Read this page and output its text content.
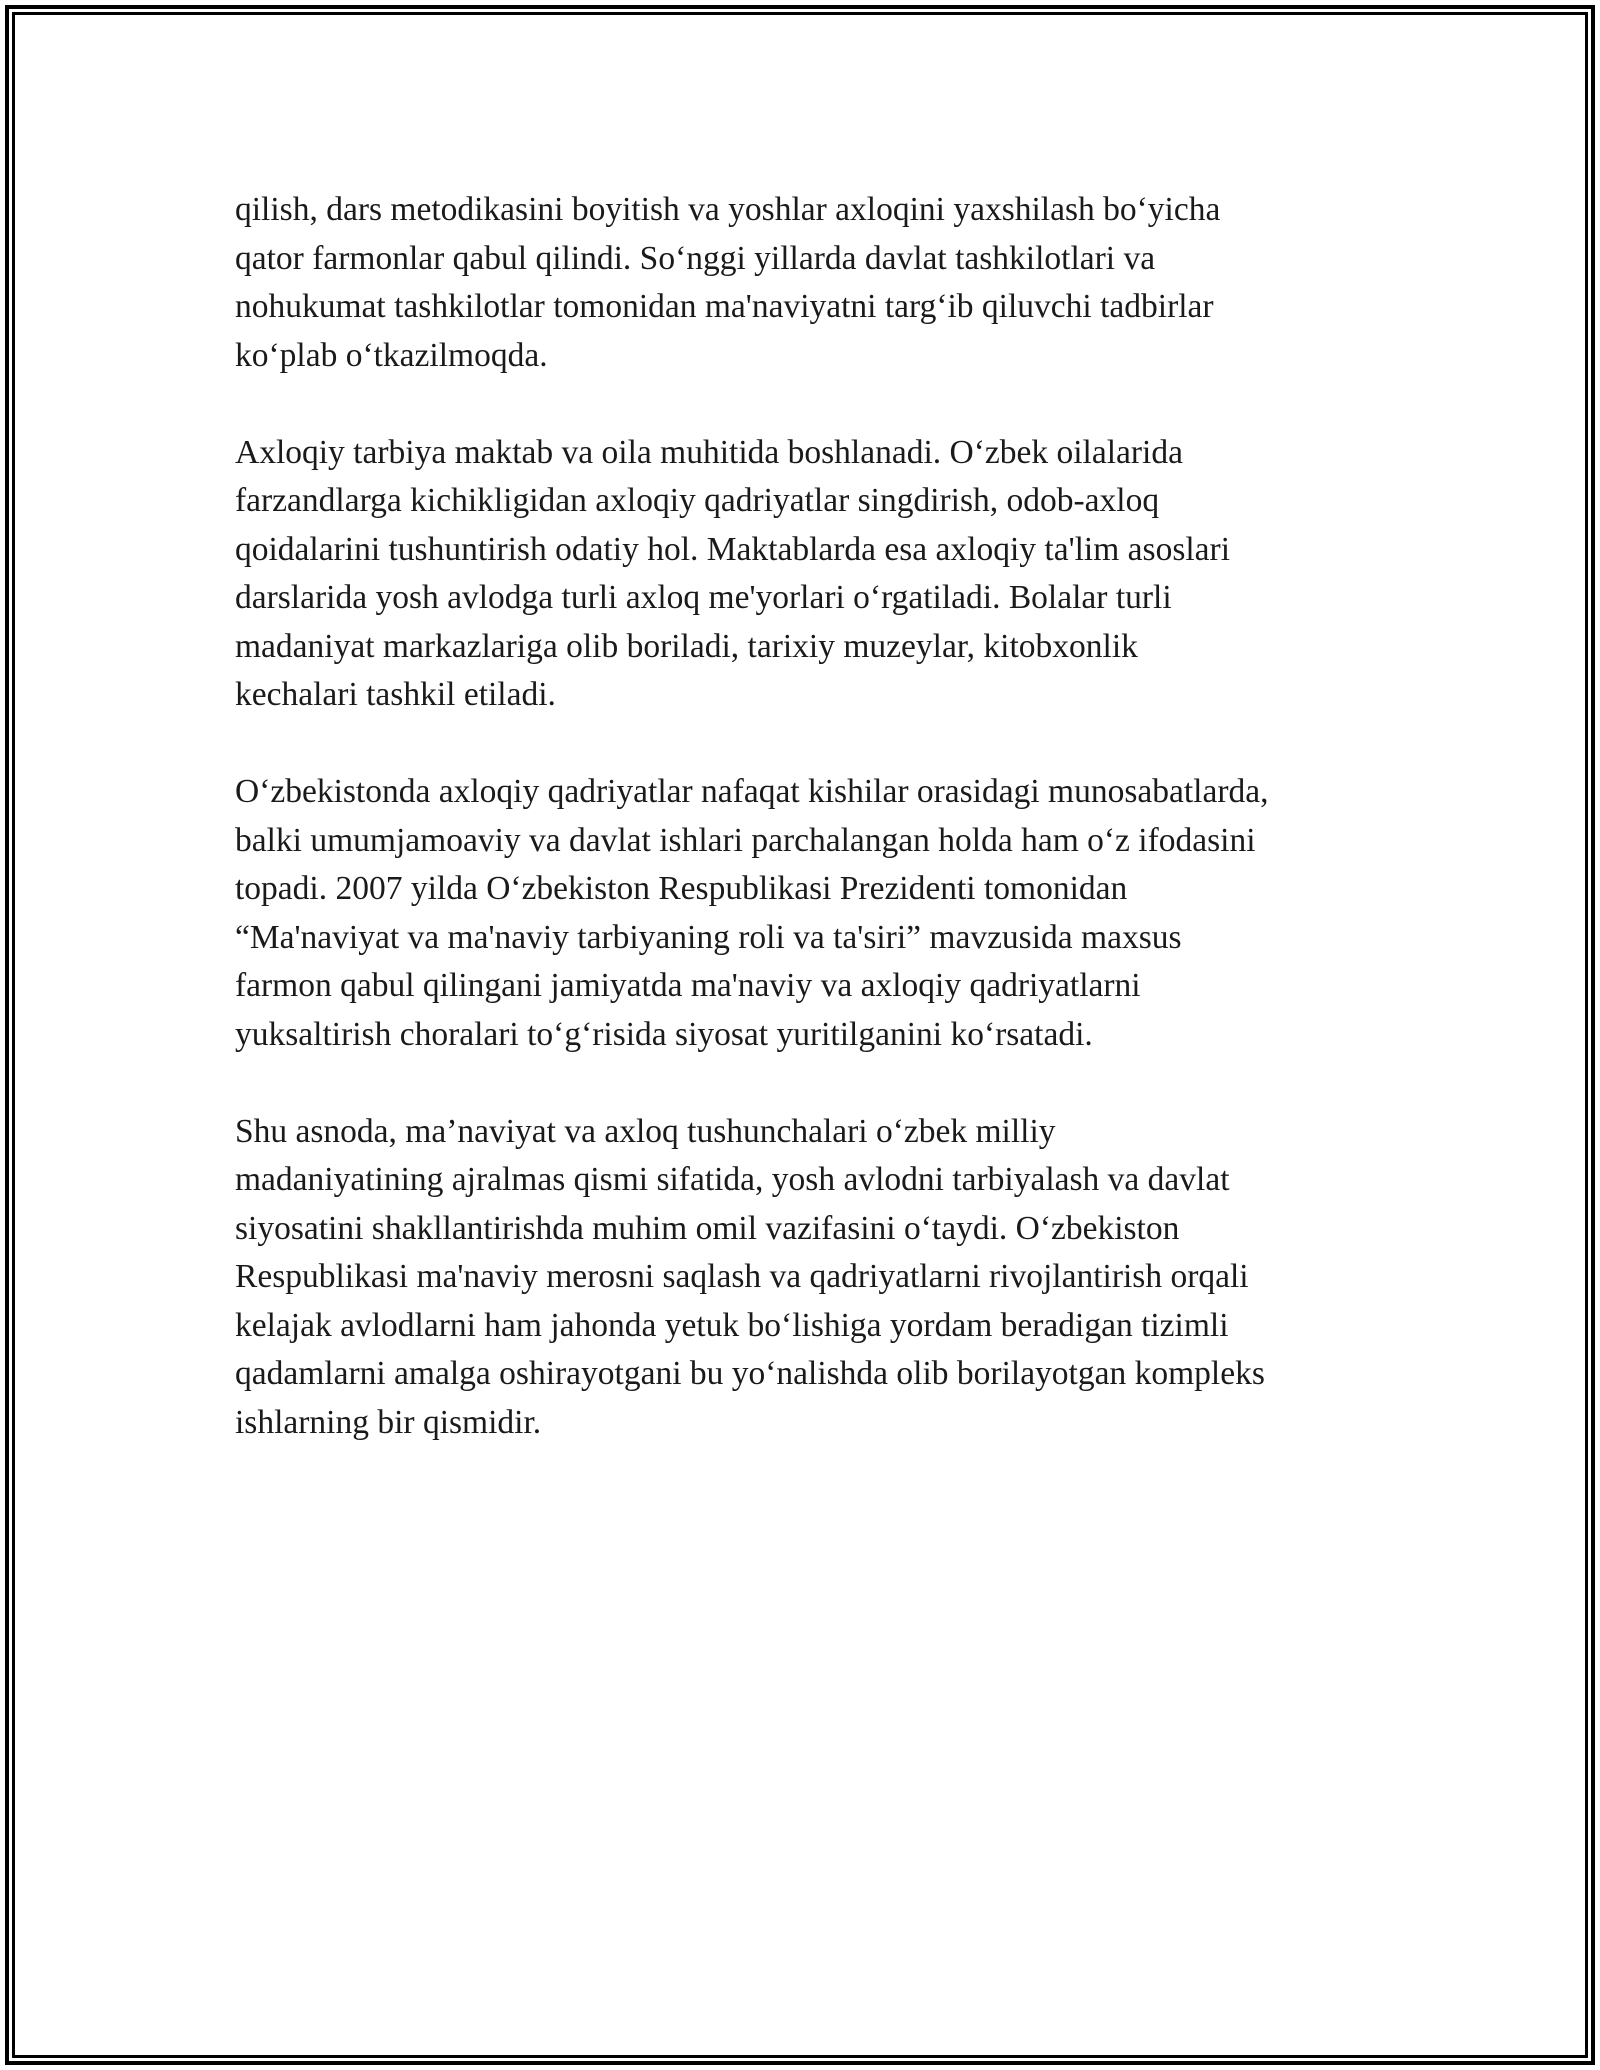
qilish, dars metodikasini boyitish va yoshlar axloqini yaxshilash boʻyicha
qator farmonlar qabul qilindi. Soʻnggi yillarda davlat tashkilotlari va
nohukumat tashkilotlar tomonidan ma'naviyatni targʻib qiluvchi tadbirlar
koʻplab oʻtkazilmoqda.

Axloqiy tarbiya maktab va oila muhitida boshlanadi. Oʻzbek oilalarida
farzandlarga kichikligidan axloqiy qadriyatlar singdirish, odob-axloq
qoidalarini tushuntirish odatiy hol. Maktablarda esa axloqiy ta'lim asoslari
darslarida yosh avlodga turli axloq me'yorlari oʻrgatiladi. Bolalar turli
madaniyat markazlariga olib boriladi, tarixiy muzeylar, kitobxonlik
kechalari tashkil etiladi.

Oʻzbekistonda axloqiy qadriyatlar nafaqat kishilar orasidagi munosabatlarda,
balki umumjamoaviy va davlat ishlari parchalangan holda ham oʻz ifodasini
topadi. 2007 yilda Oʻzbekiston Respublikasi Prezidenti tomonidan
“Ma'naviyat va ma'naviy tarbiyaning roli va ta'siri” mavzusida maxsus
farmon qabul qilingani jamiyatda ma'naviy va axloqiy qadriyatlarni
yuksaltirish choralari toʻgʻrisida siyosat yuritilganini koʻrsatadi.

Shu asnoda, ma’naviyat va axloq tushunchalari oʻzbek milliy
madaniyatining ajralmas qismi sifatida, yosh avlodni tarbiyalash va davlat
siyosatini shakllantirishda muhim omil vazifasini oʻtaydi. Oʻzbekiston
Respublikasi ma'naviy merosni saqlash va qadriyatlarni rivojlantirish orqali
kelajak avlodlarni ham jahonda yetuk boʻlishiga yordam beradigan tizimli
qadamlarni amalga oshirayotgani bu yoʻnalishda olib borilayotgan kompleks
ishlarning bir qismidir.
